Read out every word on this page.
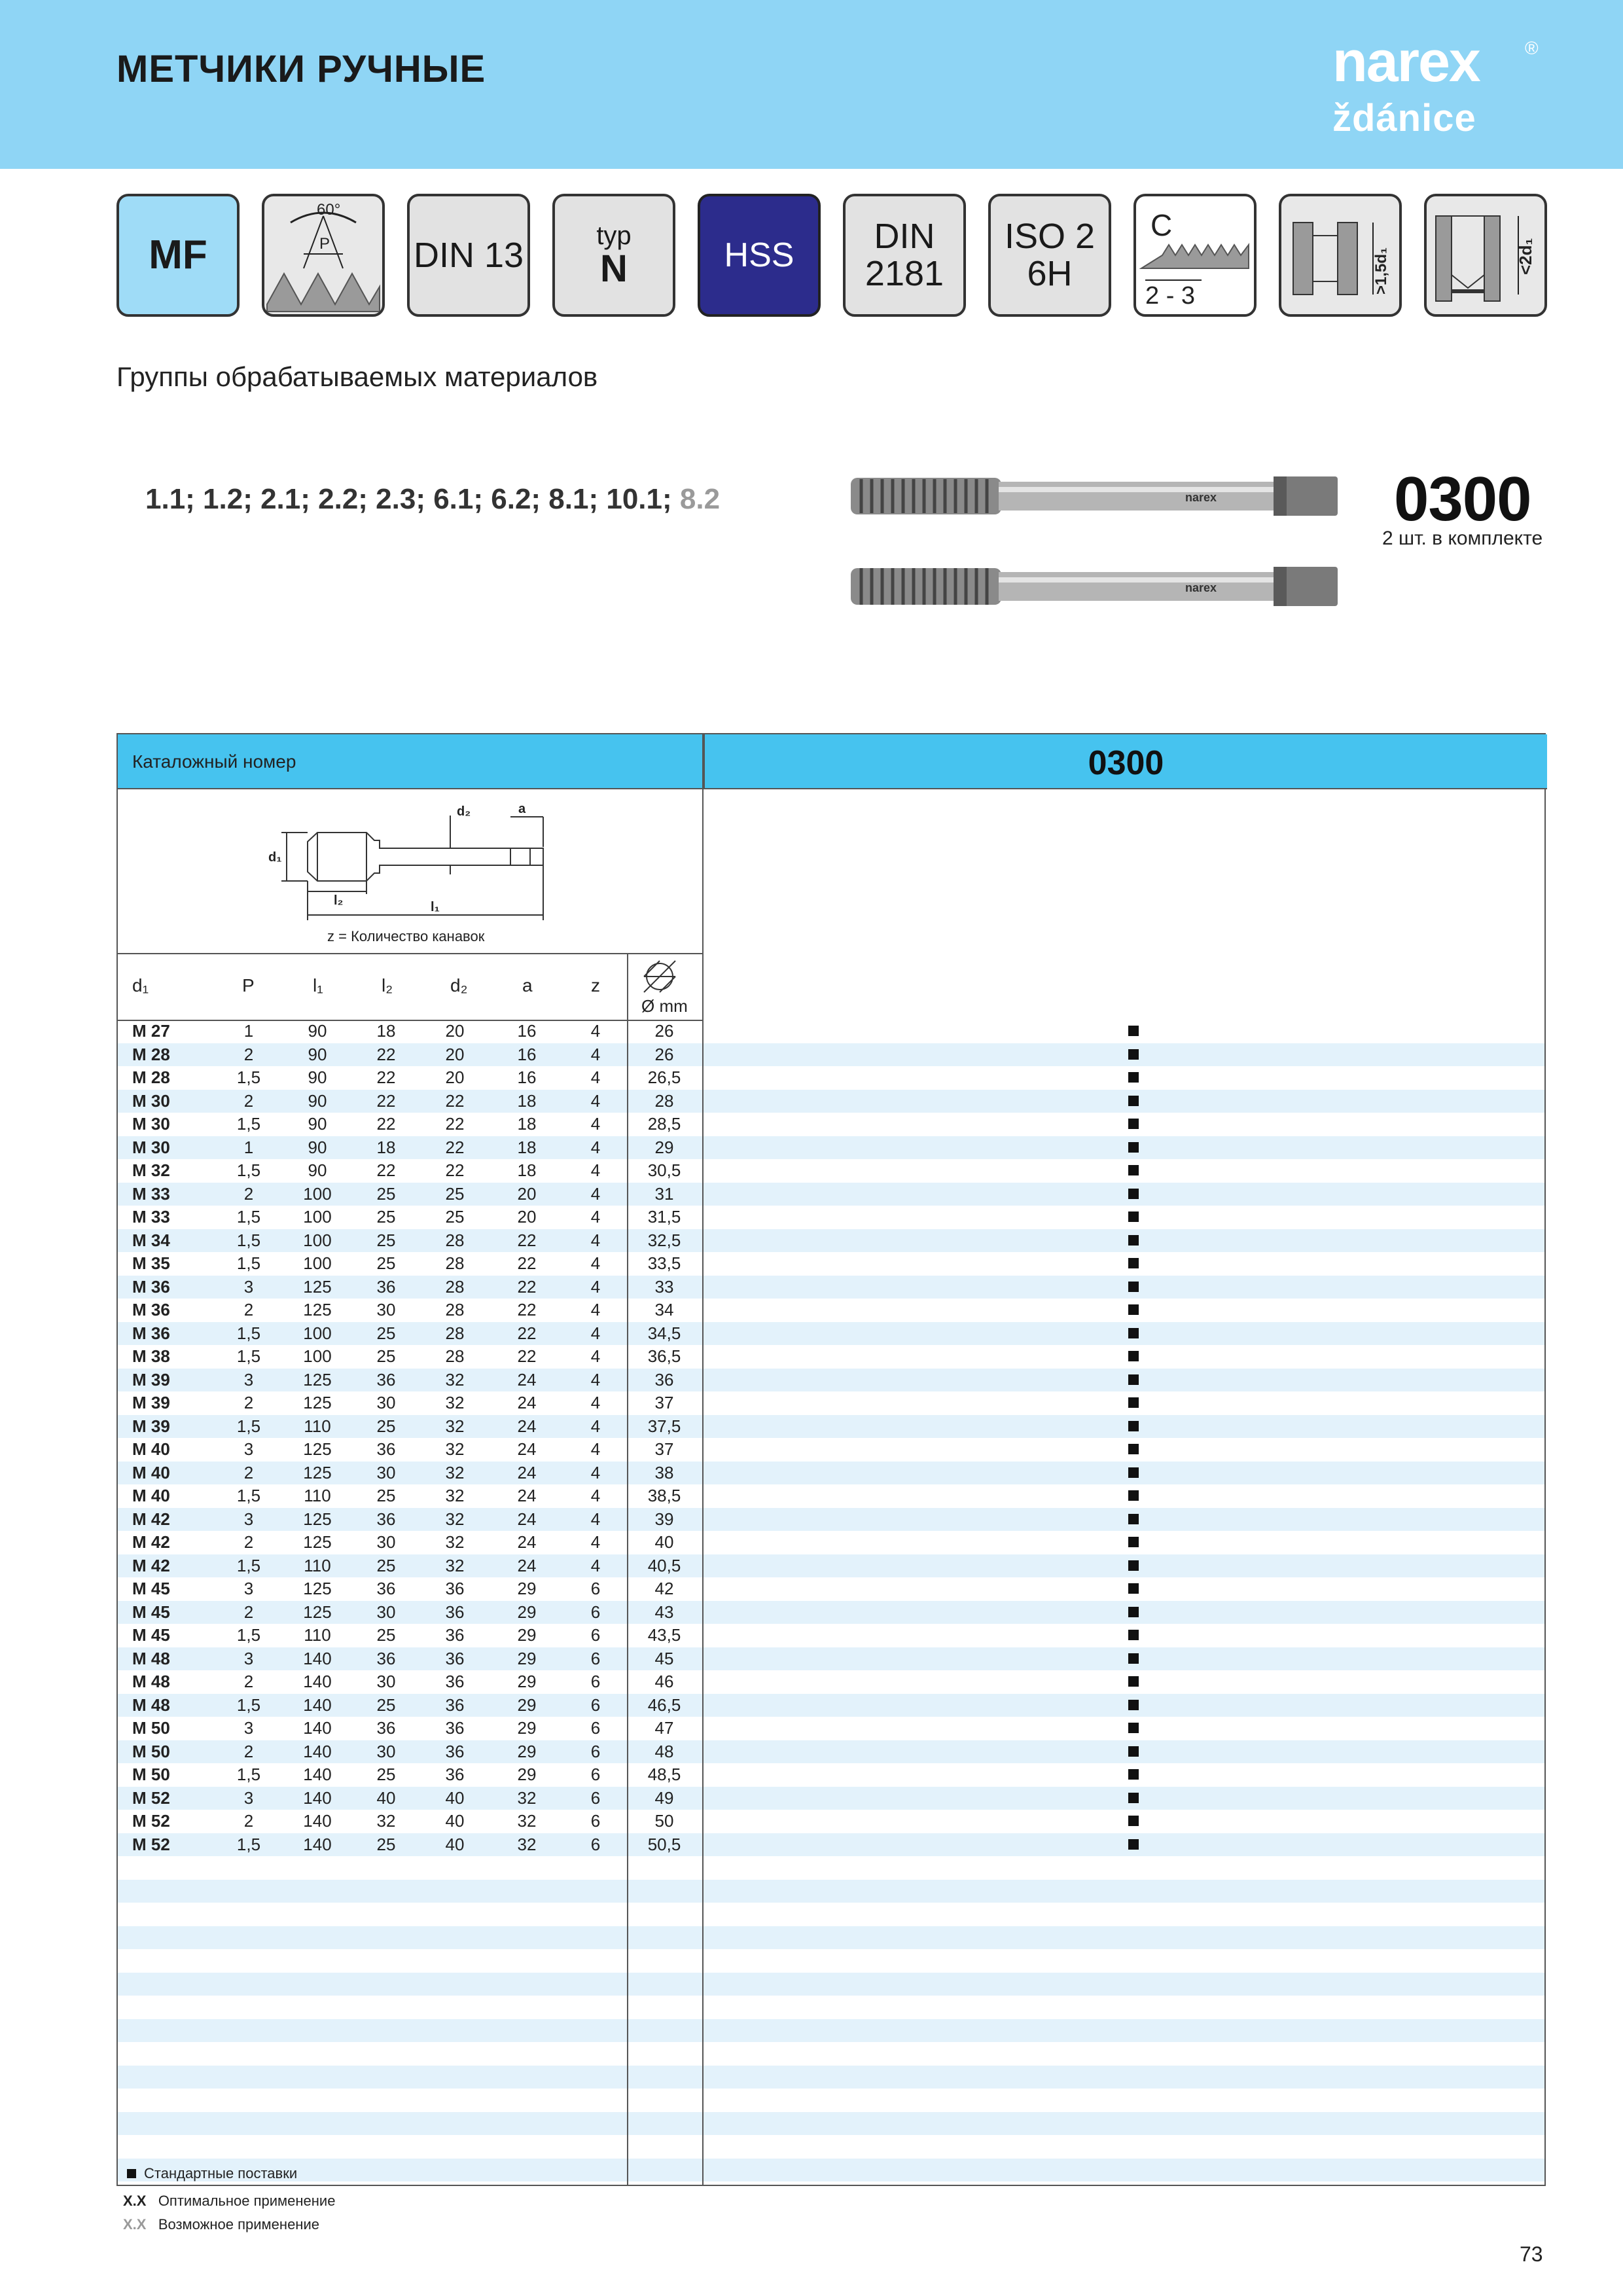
МЕТЧИКИ РУЧНЫЕ	narex
ždánice
®
MF
60°
P DIN 13
typ
N	HSS DIN
2181
ISO 2
6H
C
2 - 3
>1,5d₁	<2d₁
Группы обрабатываемых материалов
1.1; 1.2; 2.1; 2.2; 2.3; 6.1; 6.2; 8.1; 10.1; 8.2	narex
narex
0300
2 шт. в комплекте
Каталожный номер	0300
d₁
d₂	a
l₂	l₁
z = Количество канавок
d₁	P	l₁	l₂	d₂	a	z
Ø mm
M 27	1	90	18	20	16	4	26
M 28	2	90	22	20	16	4	26
M 28	1,5	90	22	20	16	4	26,5
M 30	2	90	22	22	18	4	28
M 30	1,5	90	22	22	18	4	28,5
M 30	1	90	18	22	18	4	29
M 32	1,5	90	22	22	18	4	30,5
M 33	2	100	25	25	20	4	31
M 33	1,5	100	25	25	20	4	31,5
M 34	1,5	100	25	28	22	4	32,5
M 35	1,5	100	25	28	22	4	33,5
M 36	3	125	36	28	22	4	33
M 36	2	125	30	28	22	4	34
M 36	1,5	100	25	28	22	4	34,5
M 38	1,5	100	25	28	22	4	36,5
M 39	3	125	36	32	24	4	36
M 39	2	125	30	32	24	4	37
M 39	1,5	110	25	32	24	4	37,5
M 40	3	125	36	32	24	4	37
M 40	2	125	30	32	24	4	38
M 40	1,5	110	25	32	24	4	38,5
M 42	3	125	36	32	24	4	39
M 42	2	125	30	32	24	4	40
M 42	1,5	110	25	32	24	4	40,5
M 45	3	125	36	36	29	6	42
M 45	2	125	30	36	29	6	43
M 45	1,5	110	25	36	29	6	43,5
M 48	3	140	36	36	29	6	45
M 48	2	140	30	36	29	6	46
M 48	1,5	140	25	36	29	6	46,5
M 50	3	140	36	36	29	6	47
M 50	2	140	30	36	29	6	48
M 50	1,5	140	25	36	29	6	48,5
M 52	3	140	40	40	32	6	49
M 52	2	140	32	40	32	6	50
M 52	1,5	140	25	40	32	6	50,5
Стандартные поставки
X.X Оптимальное применение
X.X Возможное применение
73
